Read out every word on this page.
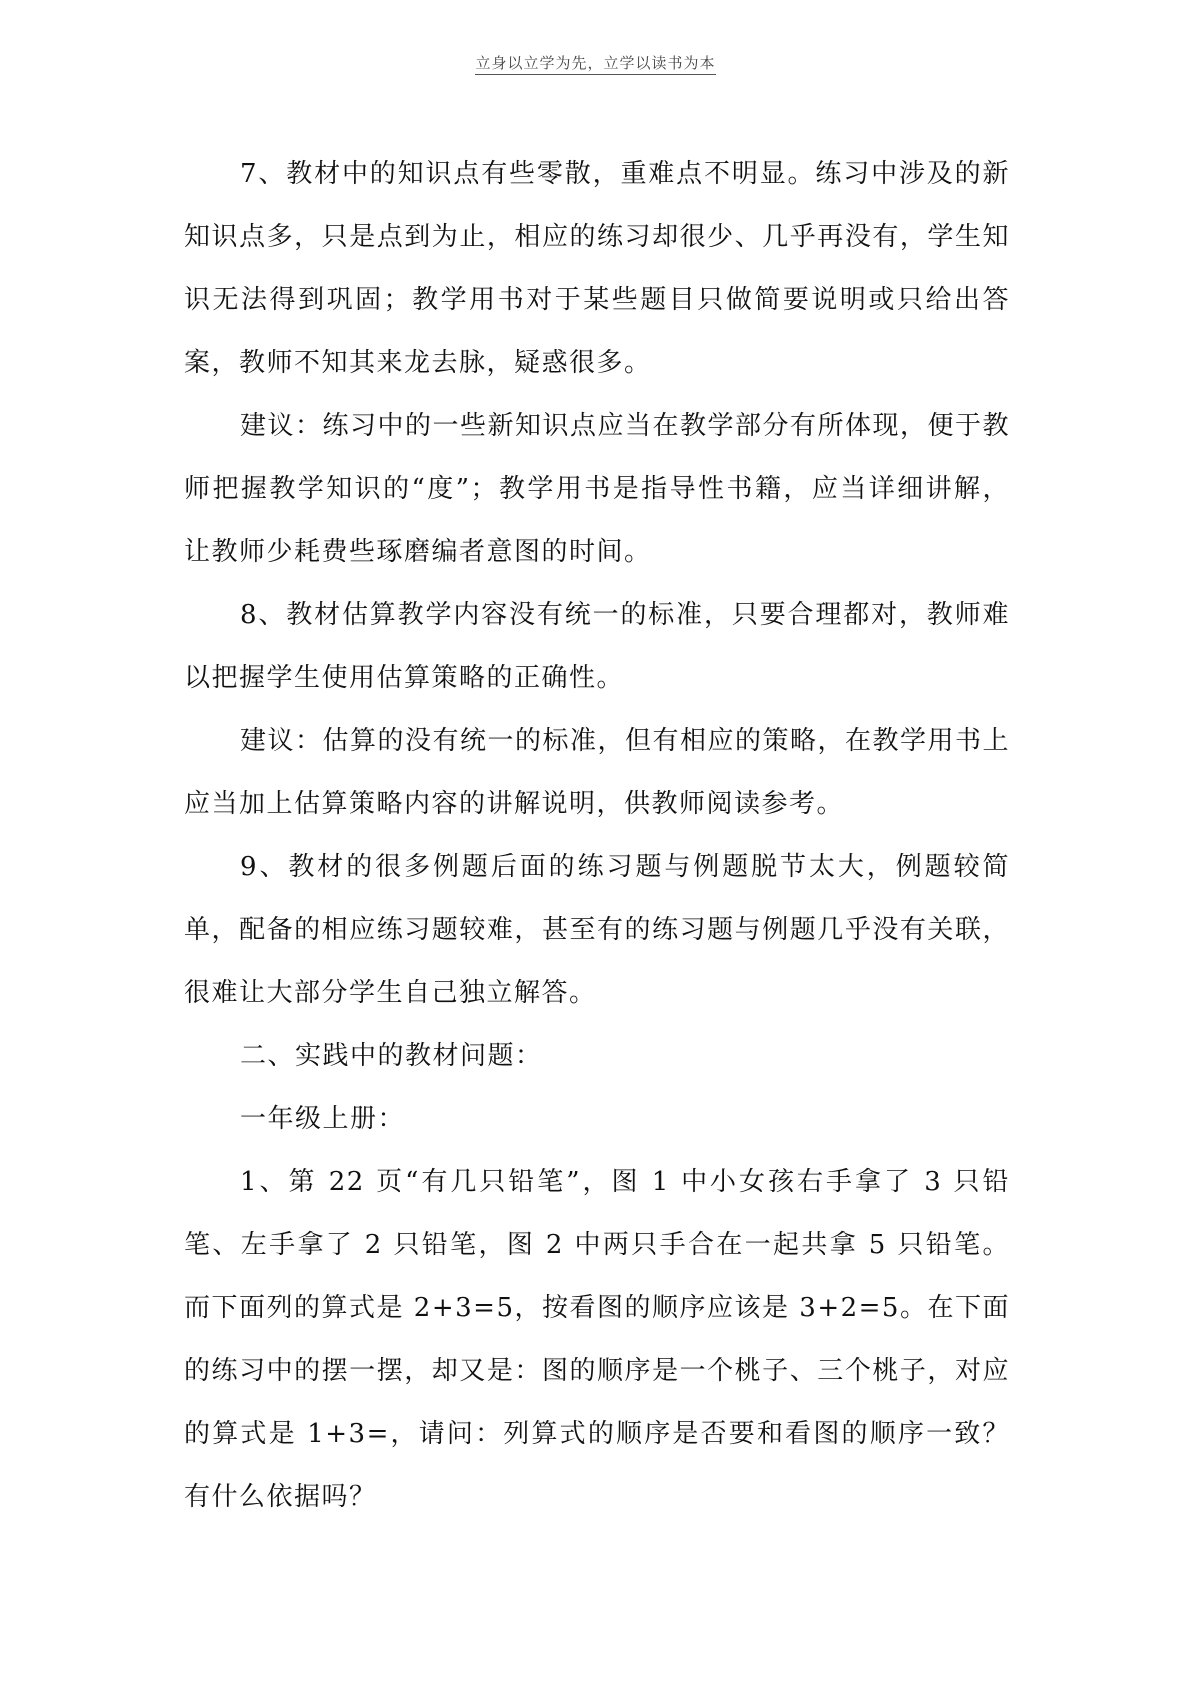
立身以立学为先，立学以读书为本

7、教材中的知识点有些零散，重难点不明显。练习中涉及的新知识点多，只是点到为止，相应的练习却很少、几乎再没有，学生知识无法得到巩固；教学用书对于某些题目只做简要说明或只给出答案，教师不知其来龙去脉，疑惑很多。

建议：练习中的一些新知识点应当在教学部分有所体现，便于教师把握教学知识的“度”；教学用书是指导性书籍，应当详细讲解，让教师少耗费些琢磨编者意图的时间。

8、教材估算教学内容没有统一的标准，只要合理都对，教师难以把握学生使用估算策略的正确性。

建议：估算的没有统一的标准，但有相应的策略，在教学用书上应当加上估算策略内容的讲解说明，供教师阅读参考。

9、教材的很多例题后面的练习题与例题脱节太大，例题较简单，配备的相应练习题较难，甚至有的练习题与例题几乎没有关联，很难让大部分学生自己独立解答。

二、实践中的教材问题：

一年级上册：

1、第 22 页“有几只铅笔”，图 1 中小女孩右手拿了 3 只铅笔、左手拿了 2 只铅笔，图 2 中两只手合在一起共拿 5 只铅笔。而下面列的算式是 2+3=5，按看图的顺序应该是 3+2=5。在下面的练习中的摆一摆，却又是：图的顺序是一个桃子、三个桃子，对应的算式是 1+3=，请问：列算式的顺序是否要和看图的顺序一致？有什么依据吗？
